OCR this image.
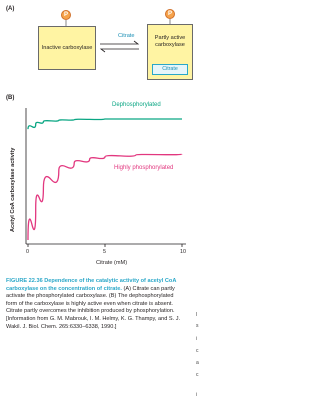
(A)
P	P
Inactive carboxylase
Partly active carboxylase
Citrate
Citrate
(B)
Dephosphorylated
Highly phosphorylated
Acetyl CoA carboxylase activity
Citrate (mM)
0	5	10
FIGURE 22.36 Dependence of the catalytic activity of acetyl CoA carboxylase on the concentration of citrate. (A) Citrate can partly activate the phosphorylated carboxylase. (B) The dephosphorylated form of the carboxylase is highly active even when citrate is absent. Citrate partly overcomes the inhibition produced by phosphorylation. [Information from G. M. Mabrouk, I. M. Helmy, K. G. Thampy, and S. J. Wakil. J. Biol. Chem. 265:6330–6338, 1990.]
I
s
i
c
a
c
i
